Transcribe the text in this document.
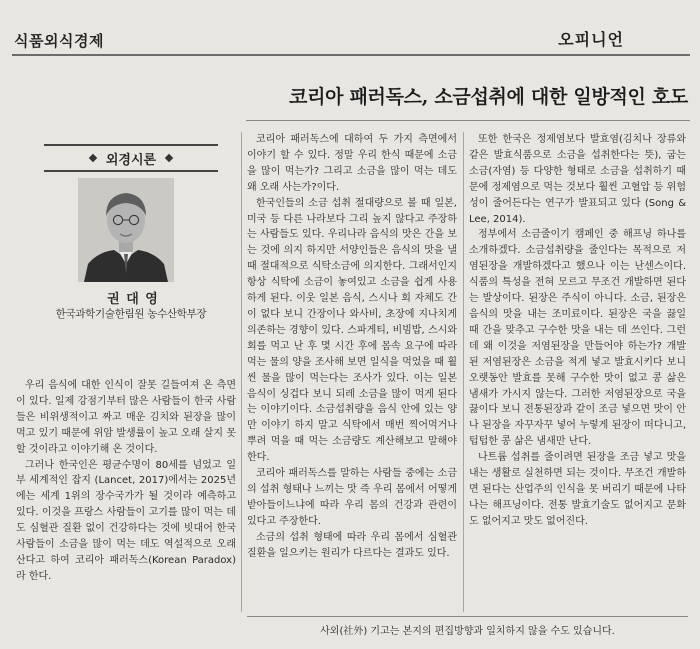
식품외식경제	오피니언
코리아 패러독스, 소금섭취에 대한 일방적인 호도
외경시론
권 대 영
한국과학기술한림원 농수산학부장

우리 음식에 대한 인식이 잘못 길들여져 온 측면이 있다. 일제 강점기부터 많은 사람들이 한국 사람들은 비위생적이고 짜고 매운 김치와 된장을 많이 먹고 있기 때문에 위암 발생률이 높고 오래 살지 못할 것이라고 이야기해 온 것이다.

그러나 한국인은 평균수명이 80세를 넘었고 일부 세계적인 잡지 (Lancet, 2017)에서는 2025년에는 세계 1위의 장수국가가 될 것이라 예측하고 있다. 이것을 프랑스 사람들이 고기를 많이 먹는 데도 심혈관 질환 없이 건강하다는 것에 빗대어 한국사람들이 소금을 많이 먹는 데도 역설적으로 오래 산다고 하여 코리아 패러독스(Korean Paradox)라 한다.

코리아 패러독스에 대하여 두 가지 측면에서 이야기 할 수 있다. 정말 우리 한식 때문에 소금을 많이 먹는가? 그리고 소금을 많이 먹는 데도 왜 오래 사는가?이다.

한국인들의 소금 섭취 절대량으로 볼 때 일본, 미국 등 다른 나라보다 그리 높지 않다고 주장하는 사람들도 있다. 우리나라 음식의 맛은 간을 보는 것에 의지 하지만 서양인들은 음식의 맛을 낼 때 절대적으로 식탁소금에 의지한다. 그래서인지 항상 식탁에 소금이 놓여있고 소금을 쉽게 사용하게 된다. 이웃 일본 음식, 스시나 회 자체도 간이 없다 보니 간장이나 와사비, 초장에 지나치게 의존하는 경향이 있다. 스파게티, 비빔밥, 스시와 회를 먹고 난 후 몇 시간 후에 몸속 요구에 따라 먹는 물의 양을 조사해 보면 일식을 먹었을 때 훨씬 물을 많이 먹는다는 조사가 있다. 이는 일본 음식이 싱겁다 보니 되레 소금을 많이 먹게 된다는 이야기이다. 소금섭취량을 음식 안에 있는 양만 이야기 하지 말고 식탁에서 매번 찍어먹거나 뿌려 먹을 때 먹는 소금량도 계산해보고 말해야 한다.

코리아 패러독스를 말하는 사람들 중에는 소금의 섭취 형태나 느끼는 맛 즉 우리 몸에서 어떻게 받아들이느냐에 따라 우리 몸의 건강과 관련이 있다고 주장한다.

소금의 섭취 형태에 따라 우리 몸에서 심혈관 질환을 일으키는 원리가 다르다는 결과도 있다.

또한 한국은 정제염보다 발효염(김치나 장류와 같은 발효식품으로 소금을 섭취한다는 뜻), 굽는 소금(자염) 등 다양한 형태로 소금을 섭취하기 때문에 정제염으로 먹는 것보다 훨씬 고혈압 등 위험성이 줄어든다는 연구가 발표되고 있다 (Song & Lee, 2014).

정부에서 소금줄이기 캠페인 중 해프닝 하나를 소개하겠다. 소금섭취량을 줄인다는 목적으로 저염된장을 개발하겠다고 했으나 이는 난센스이다. 식품의 특성을 전혀 모르고 무조건 개발하면 된다는 발상이다. 된장은 주식이 아니다. 소금, 된장은 음식의 맛을 내는 조미료이다. 된장은 국을 끓일 때 간을 맞추고 구수한 맛을 내는 데 쓰인다. 그런데 왜 이것을 저염된장을 만들어야 하는가? 개발된 저염된장은 소금을 적게 넣고 발효시키다 보니 오랫동안 발효를 못해 구수한 맛이 없고 콩 삶은 냄새가 가시지 않는다. 그러한 저염된장으로 국을 끓이다 보니 전통된장과 같이 조금 넣으면 맛이 안나 된장을 자꾸자꾸 넣어 누렇게 된장이 떠다니고, 텁텁한 콩 삶은 냄새만 난다.

나트륨 섭취를 줄이려면 된장을 조금 넣고 맛을 내는 생활로 실천하면 되는 것이다. 무조건 개발하면 된다는 산업주의 인식을 못 버리기 때문에 나타나는 해프닝이다. 전통 발효기술도 없어지고 문화도 없어지고 맛도 없어진다.

사외(社外) 기고는 본지의 편집방향과 일치하지 않을 수도 있습니다.
